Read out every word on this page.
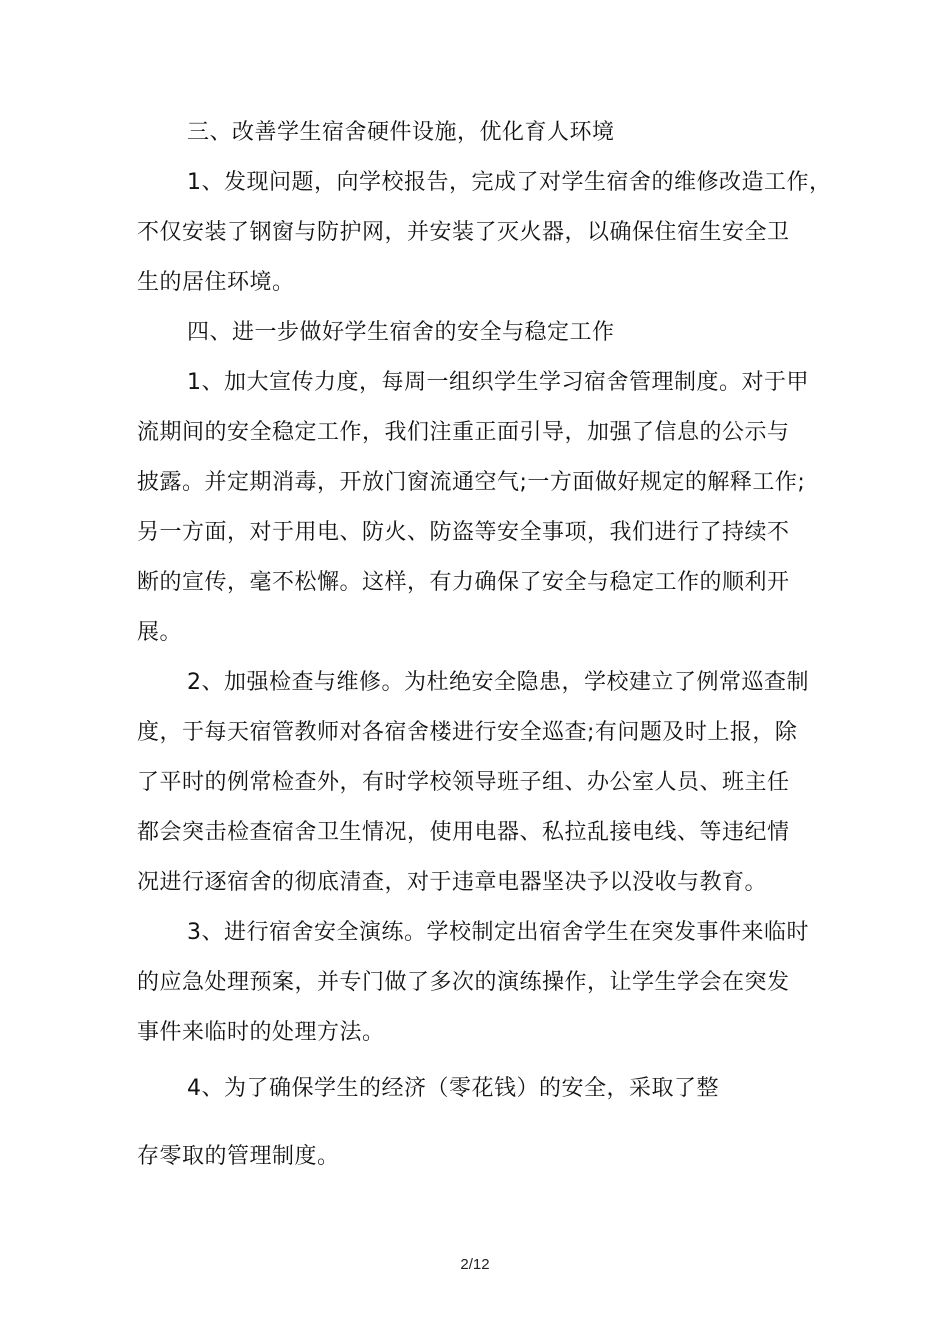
三、改善学生宿舍硬件设施，优化育人环境
1、发现问题，向学校报告，完成了对学生宿舍的维修改造工作，
不仅安装了钢窗与防护网，并安装了灭火器，以确保住宿生安全卫
生的居住环境。
四、进一步做好学生宿舍的安全与稳定工作
1、加大宣传力度，每周一组织学生学习宿舍管理制度。对于甲
流期间的安全稳定工作，我们注重正面引导，加强了信息的公示与
披露。并定期消毒，开放门窗流通空气;一方面做好规定的解释工作;
另一方面，对于用电、防火、防盗等安全事项，我们进行了持续不
断的宣传，毫不松懈。这样，有力确保了安全与稳定工作的顺利开
展。
2、加强检查与维修。为杜绝安全隐患，学校建立了例常巡查制
度，于每天宿管教师对各宿舍楼进行安全巡查;有问题及时上报，除
了平时的例常检查外，有时学校领导班子组、办公室人员、班主任
都会突击检查宿舍卫生情况，使用电器、私拉乱接电线、等违纪情
况进行逐宿舍的彻底清查，对于违章电器坚决予以没收与教育。
3、进行宿舍安全演练。学校制定出宿舍学生在突发事件来临时
的应急处理预案，并专门做了多次的演练操作，让学生学会在突发
事件来临时的处理方法。
4、为了确保学生的经济（零花钱）的安全，采取了整
存零取的管理制度。
2/12
